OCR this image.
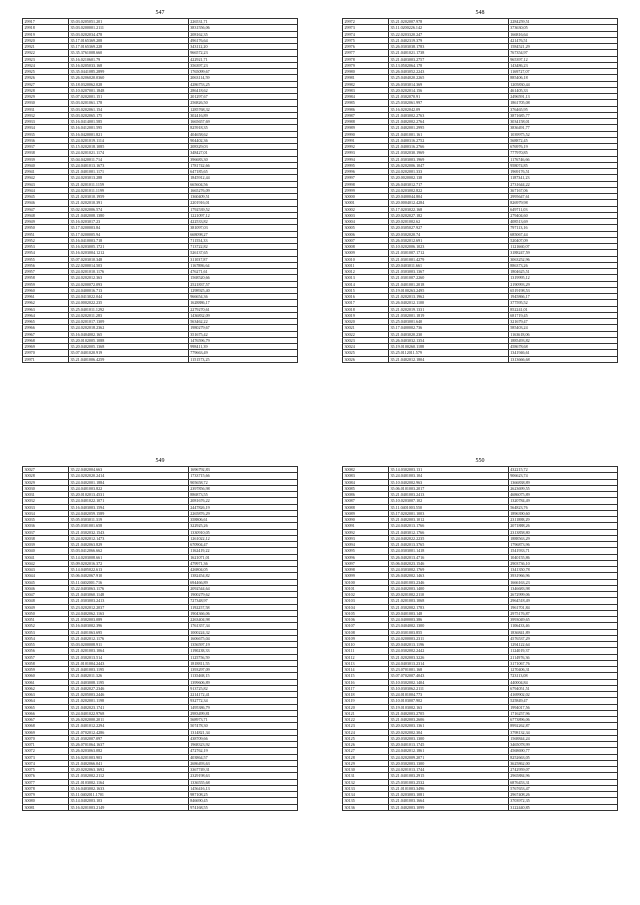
547
29917	35.03.0205051.201	226531,71
29918	35.03.0200001.2111	3831556,06
29919	35.03.0202034.478	208162,35
29920	35.17.0165369.208	496176,64
29921	35.17.0165369.228	343112,20
29922	35.35.3761008.660	966572,23
29923	35.16.0210601.79	422921,71
29924	35.16.0205033.168	356397,23
29925	35.35.0441085.2899	1765099,67
29926	35.26.0206020.0360	2063114,59
29927	35.18.0320062.028	4286753,25
29928	35.10.0207001.1848	286418,62
29929	35.07.0202001.151	201297,67
29930	35.03.0201061.178	256826,50
29931	35.03.0202061.154	1285768,32
29932	35.03.0202065.175	302416,89
29933	35.16.0414001.585	1665657,69
29934	35.16.0412001.595	825918,35
29935	35.16.0420001.821	404658,62
29936	35.24.0201019.1114	904402,36
29937	35.15.0202018.1085	208329,03
29938	35.24.0201021.1174	348427,01
29939	35.04.0420011.714	396683,30
29940	35.24.0401013.1673	1781742,66
29941	35.21.0401001.1171	647185,65
29942	35.24.0203013.288	1845912,44
29943	35.21.0201011.1159	665604,56
29944	35.24.0201011.1199	1665276,09
29945	35.21.0203010.1959	1360409,51
29946	35.21.0202010.391	2201916,01
29947	35.02.0202006.574	1792539,52
29948	35.21.0402008.1380	1221097,12
29949	35.16.0203017.23	422533,82
29950	35.17.0200003.84	381097,03
29951	35.17.0200005.94	668098,27
29952	35.16.0410003.718	711554,33
29953	35.16.0203005.1721	713722,82
29954	35.16.0203004.1212	526137,65
29955	35.07.0203010.348	311037,87
29956	35.22.0200014.503	1167886,64
29957	35.24.0201010.1176	476271,61
29958	35.24.0202012.363	1568520,66
29959	35.24.0200072.093	2521837,57
29960	35.24.0400016.713	1298925,40
29961	35.24.0413022.044	966654,36
29962	35.24.0002022.235	1628886,17
29963	35.25.0401011.1292	2279270,61
29964	35.24.0202011.283	1436832,09
29965	35.24.0201017.1309	563462,22
29966	35.24.0202018.2362	1980279,67
29967	35.16.0404002.165	351675,42
29968	35.20.0102005.1088	1476596,79
29969	35.20.0402005.1368	998411,39
29970	35.07.0401020.919	779663,49
29971	35.21.0401006.4259	1151573,25
548
29972	35.21.0202007.978	2284259,51
29973	35.11.0200226.142	373630,05
29974	35.22.0203320.247	166816,64
29975	35.21.0402319.379	421476,51
29976	35.26.0303038.1783	1584521,29
29977	35.21.0401021.1738	767354,97
29978	35.21.0403003.2757	965397,12
29979	35.13.0502064.178	143486,23
29980	35.26.0403052.2243	1169727,07
29981	35.25.0404020.2265	885406,18
29982	35.26.0303014.369	1205830,44
29983	35.20.0202014.156	461405,33
29984	35.21.0302070.91	2496591,13
29985	35.25.0302061.997	1861705,08
29986	35.16.0202042.09	376465,95
29987	35.21.0403002.2763	3871685,77
29988	35.21.0402002.2764	3034158,01
29989	35.21.0402001.2995	3836491,77
29990	35.21.0401001.161	1039975,52
29991	35.21.0400316.2752	568872,45
29992	35.21.0400316.2766	676976,19
29993	35.21.0302030.1969	777970,85
29994	35.21.0303003.1969	1176746,66
29995	35.26.0202006.1047	958074,85
29996	35.24.0202001.333	1969176,51
29997	35.20.0020002.138	1187341,23
29998	35.26.0403012.717	2731644,22
29999	35.24.0203002.822	367167,06
30000	35.20.0400044.804	2995647,61
30001	35.20.0004012.4284	826979,98
30002	35.17.0203022.168	649711,03
30003	35.20.0202027.182	279404,60
30004	35.20.0201002.62	408513,69
30005	35.20.0305027.927	797113,16
30006	35.20.0302020.74	685067,44
30007	35.26.0302012.691	520407,09
30008	35.10.0202006.1023	1121660,07
30009	35.21.0301007.1712	3188247,59
30010	35.21.0301001.4279	3063252,96
30011	35.20.0403011.661	886373,26
30012	35.21.0303003.1367	1804625,51
30013	35.21.0301007.2260	1319995,12
30014	35.21.0401001.2018	2190993,29
30015	35.19.0100263.2495	6519198,53
30016	35.21.0202013.1962	1945866,17
30017	35.26.0402012.1100	377595,52
30018	35.21.0202019.1331	852241,01
30019	35.21.0302001.1819	681719,45
30020	35.25.0403001.640	321679,47
30021	35.17.0400002.736	585403,24
30022	35.21.0403020.230	1163618,06
30023	35.26.0403032.1354	1885493,82
30024	35.19.0100260.1188	458678,68
30025	35.25.0112011.579	1341946,61
30026	35.21.0402012.1804	1313666,68
549
30027	35.22.0402004.663	1696792,83
30028	35.24.0202020.2414	1733715,66
30029	35.24.0402001.1884	905658,72
30030	35.24.0401003.822	2397856,98
30031	35.20.0102013.4531	886873,55
30032	35.24.0401022.1071	2081676,22
30033	35.16.0403003.1594	2447826,19
30034	35.24.0402059.1589	2265876,29
30035	35.05.0303011.319	358806,61
30036	35.05.0301001.658	322925,26
30037	35.21.0302032.1543	1330910,05
30038	35.24.0202012.1473	1261022,12
30039	35.21.0402063.829	670904,47
30040	35.03.0412066.662	1162419,22
30041	35.14.0203008.661	1621071,01
30042	35.09.0202016.372	479971,36
30043	35.14.0405022.613	426804,05
30044	35.06.0402067.910	1382454,82
30045	35.11.0402001.716	694466,89
30046	35.22.0403063.1176	2092544,64
30047	35.21.0403060.1148	1900279,62
30048	35.21.0303003.2413	727348,97
30049	35.23.0202012.2037	1192257,58
30050	35.24.0402062.1163	1904366,06
30051	35.21.0302003.089	2263404,98
30052	35.16.0403002.396	1761357,34
30053	35.21.0401063.695	1000224,32
30054	35.21.0402012.1176	1606675,04
30055	35.03.0200008.911	1356597,19
30056	35.21.0201003.1064	1190238,33
30057	35.21.0302013.514	1125756,59
30058	35.21.0101004.2443	1818811,55
30059	35.21.0401003.1195	1393297,09
30060	35.21.0402011.326	1135468,15
30061	35.21.0403008.1195	1399606,89
30062	35.21.0402027.2346	913725,82
30063	35.21.0205003.2446	2214172,41
30064	35.21.0202001.1198	932772,34
30065	35.21.0402023.1741	1495386,79
30066	35.24.0401022.9768	2983499,81
30067	35.26.0202000.2011	568973,71
30068	35.21.0401012.2294	507478,30
30069	35.21.0702012.4286	1314821,34
30070	35.21.0302007.097	438709,66
30071	35.26.0701064.1637	1968323,92
30072	35.26.0203063.082	472762,19
30073	35.16.0201003.903	403864,57
30074	35.21.0402066.041	2686493,63
30075	35.20.0202063.1692	3367749,31
30076	35.21.0302002.2112	2329198,63
30077	35.21.0103002.1164	1336555,68
30078	35.16.0403002.1633	1456416,13
30079	35.11.0402011.1701	987108,25
30080	35.14.0402003.103	846690,45
30081	35.16.0201003.2149	974168,55
550
30082	35.14.0302003.131	432215,72
30083	35.24.0401003.104	906623,74
30084	35.10.0402002.963	1366838,89
30085	35.06.0101003.2017	2623699,55
30086	35.21.0401003.2413	4686075,89
30087	35.10.0203007.102	1320784,49
30088	35.11.0401003.550	564823,76
30089	35.17.0202001.1003	1896390,60
30090	35.21.0402003.1012	2311888,29
30091	35.24.0402013.1766	2071888,26
30092	35.21.0403012.1766	2313858,80
30093	35.24.0402022.2235	1888563,29
30094	35.21.0402013.3765	1796873,96
30095	35.24.0303001.1418	1541933,71
30096	35.26.0402013.4716	1040155,86
30097	35.06.0402023.1546	2903736,10
30098	35.24.0303002.1769	1341350,78
30099	35.26.0402002.1463	3931966,96
30100	35.24.0401003.2346	1666163,23
30101	35.24.0402003.1400	1346683,98
30102	35.20.0201002.2110	2672999,06
30103	35.21.0201003.1068	2964518,49
30104	35.21.0302002.1783	1961701,84
30105	35.20.0401003.148	2975176,87
30106	35.24.0400003.386	3993049,65
30107	35.23.0404002.1300	1106433,46
30108	35.20.0301003.855	1836841,89
30109	35.24.0200003.2311	4576537,29
30110	35.20.0402013.1196	1294122,64
30111	35.24.0302002.2442	1124019,37
30112	35.21.0202003.3226	2114976,36
30113	35.24.0403013.2314	3171067,76
30114	35.23.0701001.168	1270406,31
30115	35.07.0702007.4043	723113,08
30116	35.10.0302002.1404	440004,84
30117	35.10.0303062.2111	6794051,51
30118	35.24.0101004.773	4169902,02
30119	35.10.0103007.902	525849,47
30120	35.19.0103002.163	1994017,56
30121	35.21.0402003.2705	1716257,96
30122	35.21.0402003.2606	6773896,06
30123	35.20.0202003.1361	8992262,87
30124	35.20.0202002.304	3798132,34
30125	35.20.0302003.1300	1568844,24
30126	35.20.0401013.1745	3465078,99
30127	35.24.0402012.1861	4568690,77
30128	35.24.0202009.2071	8252663,05
30129	35.20.0302003.1300	3625862,00
30130	35.24.0201013.1744	2742959,07
30131	35.21.0401003.2915	2965884,96
30132	35.25.0301003.2532	6876453,31
30133	35.21.0101003.3496	5767653,47
30134	35.21.0203003.1081	2967408,26
30135	35.21.0401003.1664	3703972,35
30136	35.21.0402003.1099	3122440,85
